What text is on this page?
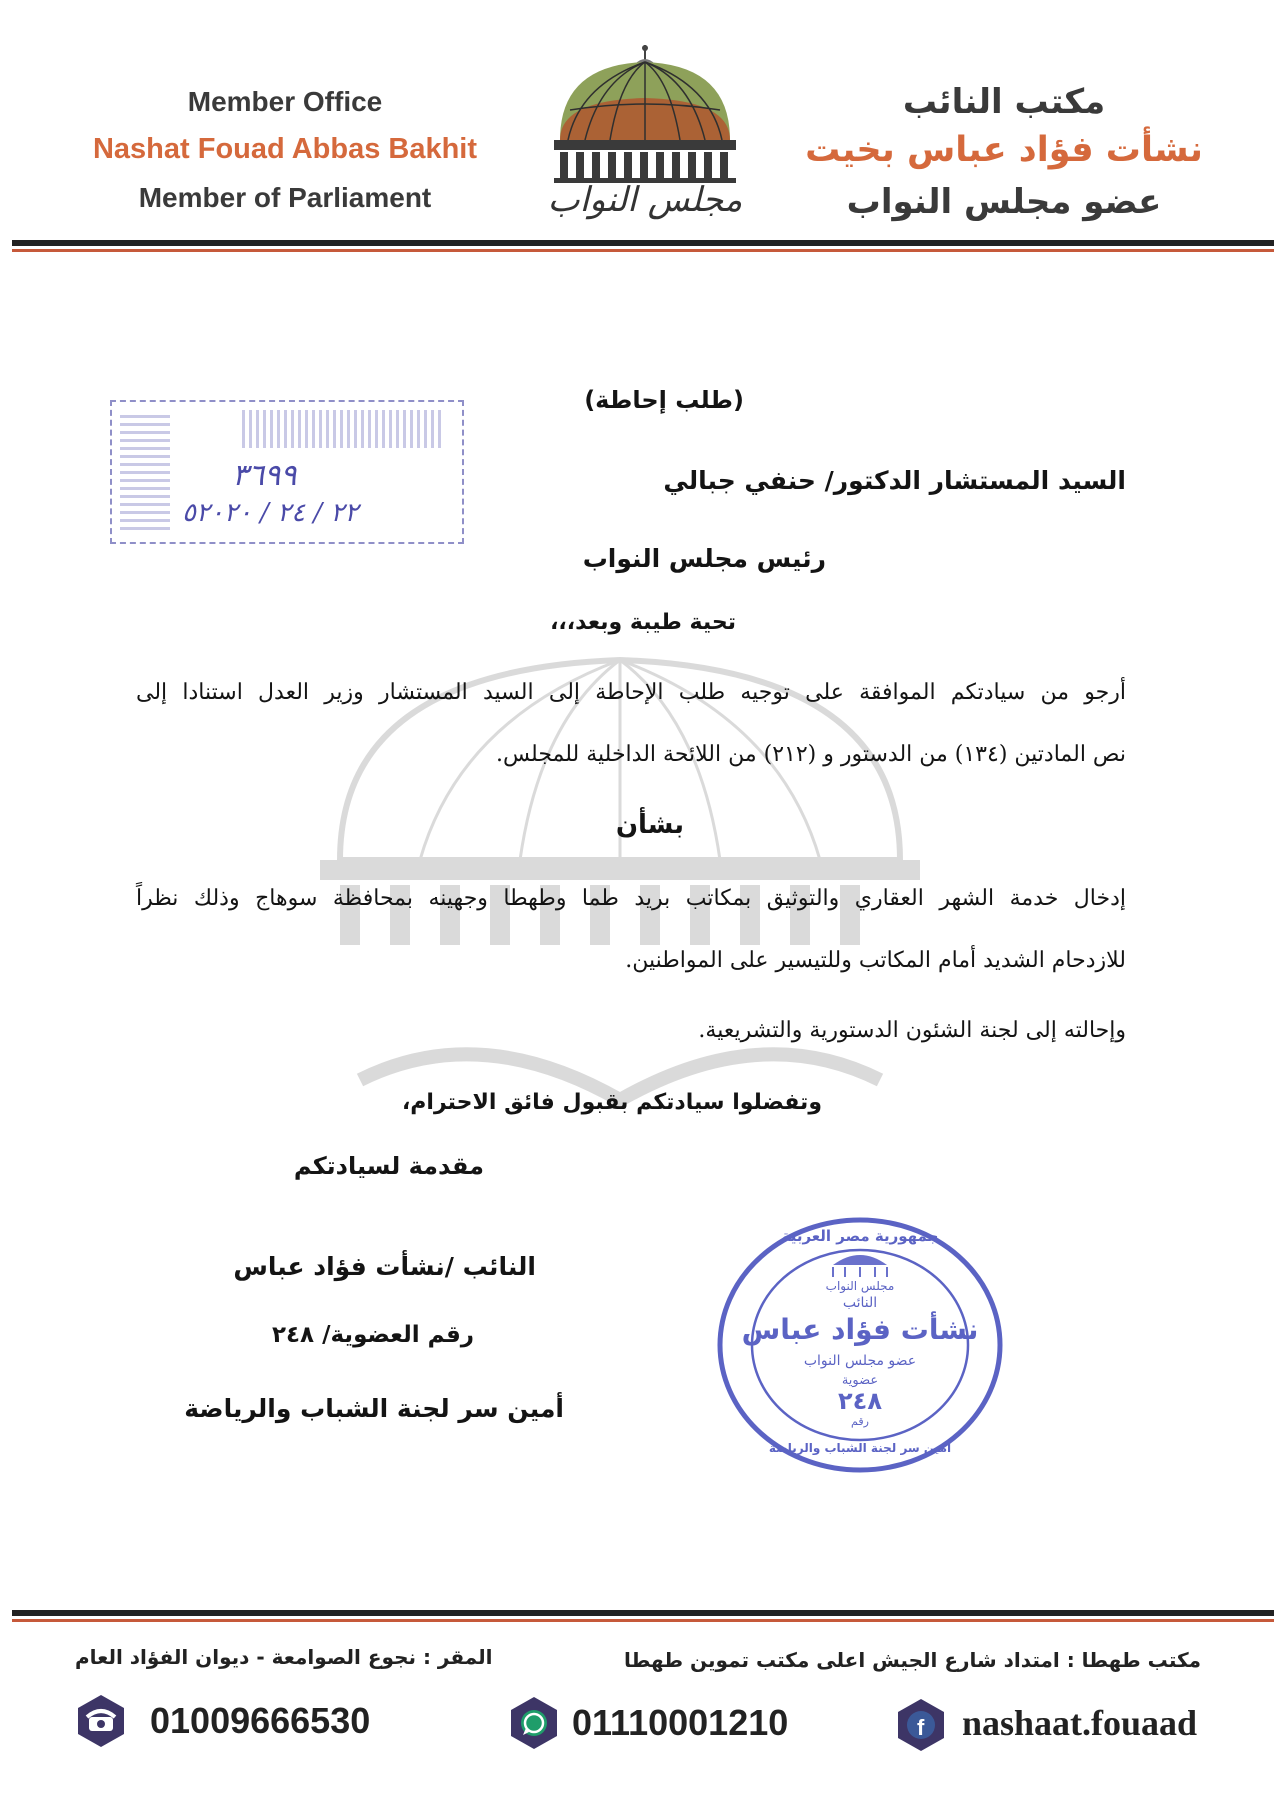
Member Office
Nashat Fouad Abbas Bakhit
Member of Parliament
مكتب النائب
نشأت فؤاد عباس بخيت
عضو مجلس النواب
مجلس النواب
٣٦٩٩
٢٢ / ٢٤ / ٥٢٠٢٠
(طلب إحاطة)
السيد المستشار الدكتور/ حنفي جبالي
رئيس مجلس النواب
تحية طيبة وبعد،،،
أرجو من سيادتكم الموافقة على توجيه طلب الإحاطة إلى السيد المستشار وزير العدل استنادا إلى
نص المادتين (١٣٤) من الدستور و (٢١٢) من اللائحة الداخلية للمجلس.
بشأن
إدخال خدمة الشهر العقاري والتوثيق بمكاتب بريد طما وطهطا وجهينه بمحافظة سوهاج وذلك نظراً
للازدحام الشديد أمام المكاتب وللتيسير على المواطنين.
وإحالته إلى لجنة الشئون الدستورية والتشريعية.
وتفضلوا سيادتكم بقبول فائق الاحترام،
مقدمة لسيادتكم
النائب /نشأت فؤاد عباس
رقم العضوية/ ٢٤٨
أمين سر لجنة الشباب والرياضة
جمهورية مصر العربية
مجلس النواب
النائب
نشأت فؤاد عباس
عضو مجلس النواب
عضوية
٢٤٨
رقم
أمين سر لجنة الشباب والرياضة
مكتب طهطا : امتداد شارع الجيش اعلى مكتب تموين طهطا
المقر : نجوع الصوامعة - ديوان الفؤاد العام
01009666530	01110001210	f nashaat.fouaad
